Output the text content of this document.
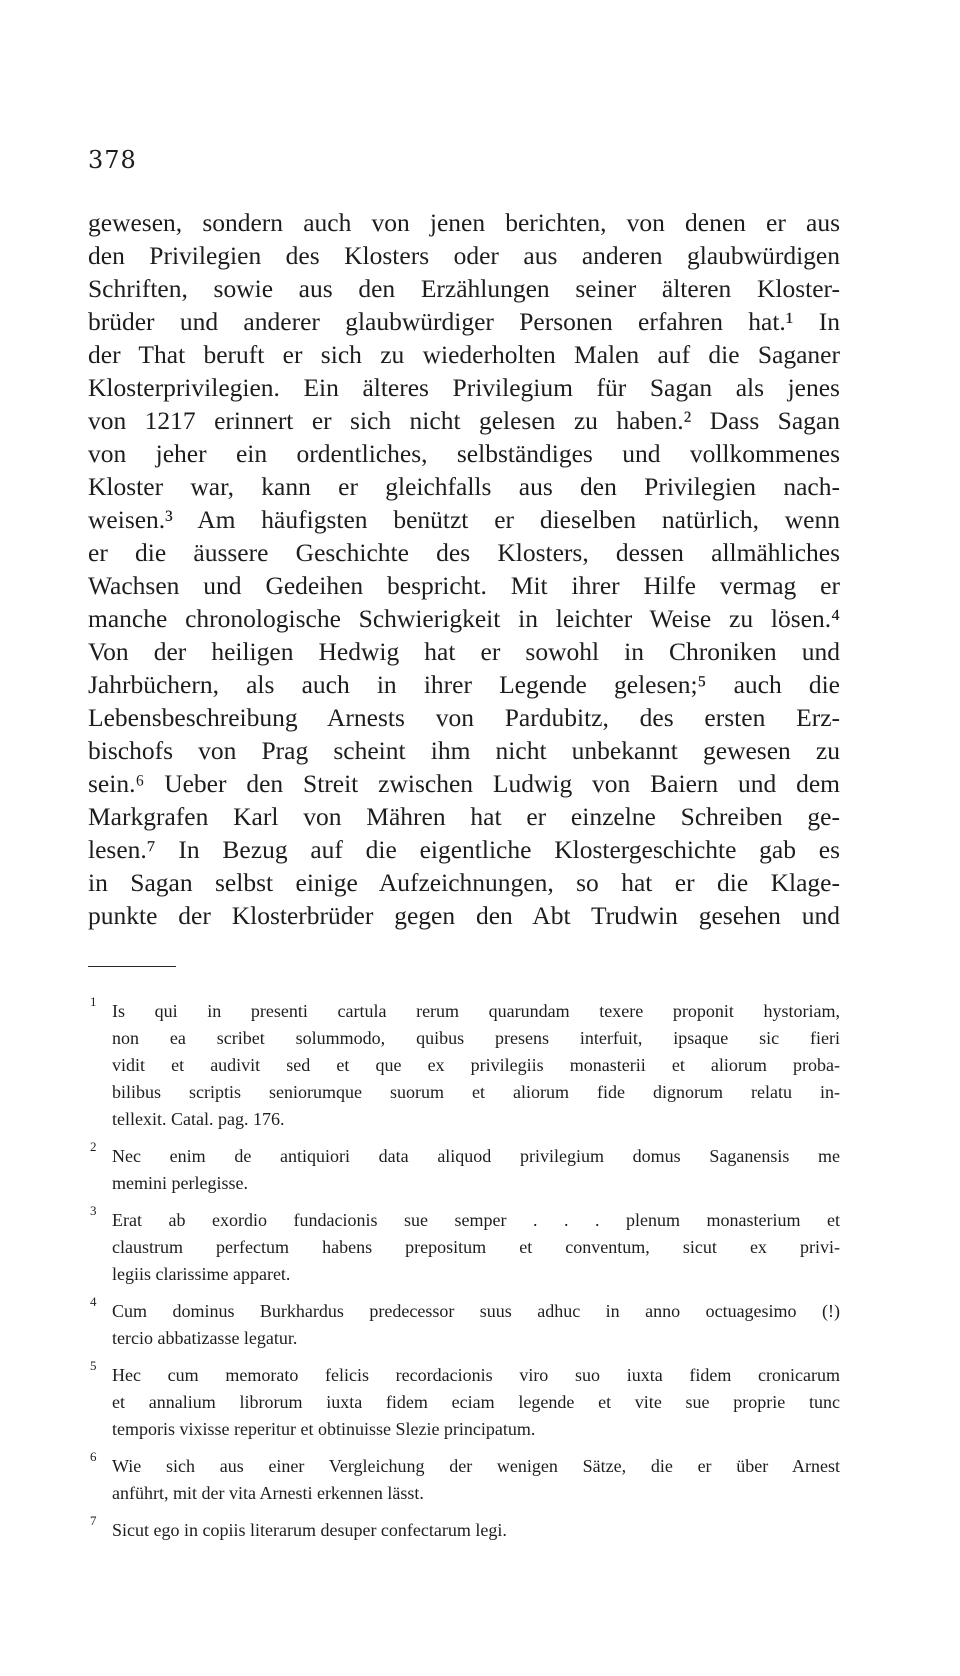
378
gewesen, sondern auch von jenen berichten, von denen er aus
den Privilegien des Klosters oder aus anderen glaubwürdigen
Schriften, sowie aus den Erzählungen seiner älteren Kloster-
brüder und anderer glaubwürdiger Personen erfahren hat.¹ In
der That beruft er sich zu wiederholten Malen auf die Saganer
Klosterprivilegien. Ein älteres Privilegium für Sagan als jenes
von 1217 erinnert er sich nicht gelesen zu haben.² Dass Sagan
von jeher ein ordentliches, selbständiges und vollkommenes
Kloster war, kann er gleichfalls aus den Privilegien nach-
weisen.³ Am häufigsten benützt er dieselben natürlich, wenn
er die äussere Geschichte des Klosters, dessen allmähliches
Wachsen und Gedeihen bespricht. Mit ihrer Hilfe vermag er
manche chronologische Schwierigkeit in leichter Weise zu lösen.⁴
Von der heiligen Hedwig hat er sowohl in Chroniken und
Jahrbüchern, als auch in ihrer Legende gelesen;⁵ auch die
Lebensbeschreibung Arnests von Pardubitz, des ersten Erz-
bischofs von Prag scheint ihm nicht unbekannt gewesen zu
sein.⁶ Ueber den Streit zwischen Ludwig von Baiern und dem
Markgrafen Karl von Mähren hat er einzelne Schreiben ge-
lesen.⁷ In Bezug auf die eigentliche Klostergeschichte gab es
in Sagan selbst einige Aufzeichnungen, so hat er die Klage-
punkte der Klosterbrüder gegen den Abt Trudwin gesehen und
1 Is qui in presenti cartula rerum quarundam texere proponit hystoriam,
non ea scribet solummodo, quibus presens interfuit, ipsaque sic fieri
vidit et audivit sed et que ex privilegiis monasterii et aliorum proba-
bilibus scriptis seniorumque suorum et aliorum fide dignorum relatu in-
tellexit. Catal. pag. 176.
2 Nec enim de antiquiori data aliquod privilegium domus Saganensis me
memini perlegisse.
3 Erat ab exordio fundacionis sue semper . . . plenum monasterium et
claustrum perfectum habens prepositum et conventum, sicut ex privi-
legiis clarissime apparet.
4 Cum dominus Burkhardus predecessor suus adhuc in anno octuagesimo (!)
tercio abbatizasse legatur.
5 Hec cum memorato felicis recordacionis viro suo iuxta fidem cronicarum
et annalium librorum iuxta fidem eciam legende et vite sue proprie tunc
temporis vixisse reperitur et obtinuisse Slezie principatum.
6 Wie sich aus einer Vergleichung der wenigen Sätze, die er über Arnest
anführt, mit der vita Arnesti erkennen lässt.
7 Sicut ego in copiis literarum desuper confectarum legi.
